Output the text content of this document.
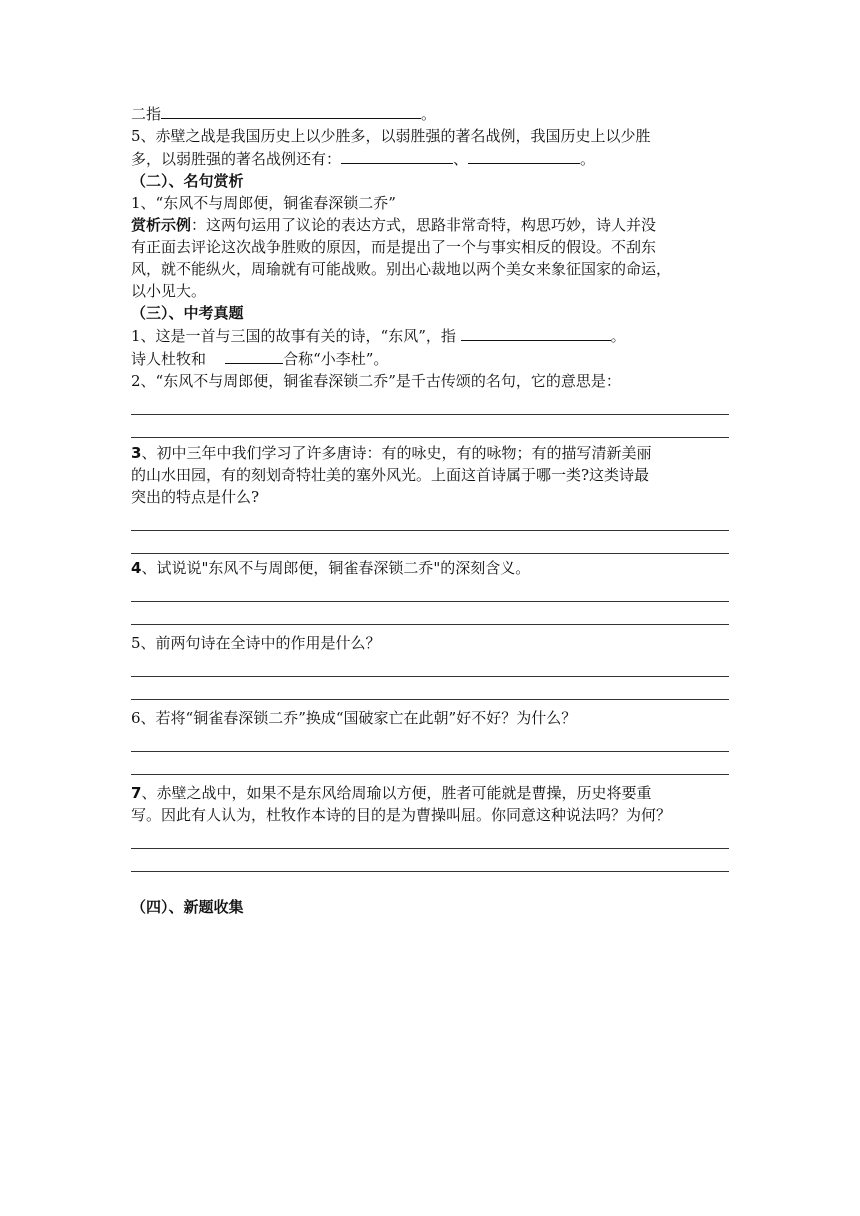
二指	。
5、赤壁之战是我国历史上以少胜多，以弱胜强的著名战例，我国历史上以少胜
多，以弱胜强的著名战例还有：	、	。
（二）、名句赏析
1、“东风不与周郎便，铜雀春深锁二乔”
赏析示例：这两句运用了议论的表达方式，思路非常奇特，构思巧妙，诗人并没
有正面去评论这次战争胜败的原因，而是提出了一个与事实相反的假设。不刮东
风，就不能纵火，周瑜就有可能战败。别出心裁地以两个美女来象征国家的命运，
以小见大。
（三）、中考真题
1、这是一首与三国的故事有关的诗，“东风”，指	。
诗人杜牧和	合称“小李杜”。
2、“东风不与周郎便，铜雀春深锁二乔”是千古传颂的名句，它的意思是：
3、初中三年中我们学习了许多唐诗：有的咏史，有的咏物；有的描写清新美丽
的山水田园，有的刻划奇特壮美的塞外风光。上面这首诗属于哪一类?这类诗最
突出的特点是什么?
4、试说说"东风不与周郎便，铜雀春深锁二乔"的深刻含义。
5、前两句诗在全诗中的作用是什么？
6、若将“铜雀春深锁二乔”换成“国破家亡在此朝”好不好？为什么？
7、赤壁之战中，如果不是东风给周瑜以方便，胜者可能就是曹操，历史将要重
写。因此有人认为，杜牧作本诗的目的是为曹操叫屈。你同意这种说法吗？为何？
（四）、新题收集
